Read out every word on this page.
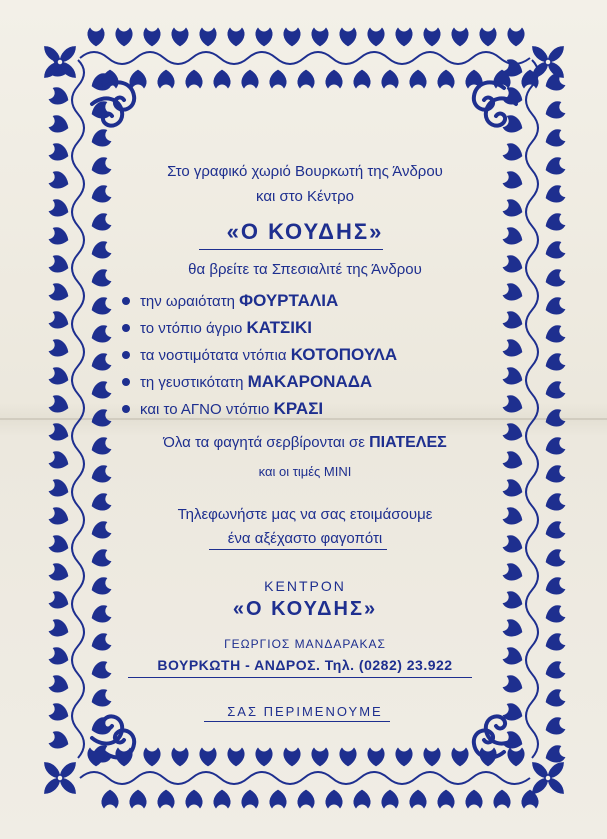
Στο γραφικό χωριό Βουρκωτή της Άνδρου
και στο Κέντρο
«Ο ΚΟΥΔΗΣ»
θα βρείτε τα Σπεσιαλιτέ της Άνδρου
την ωραιότατη ΦΟΥΡΤΑΛΙΑ
το ντόπιο άγριο ΚΑΤΣΙΚΙ
τα νοστιμότατα ντόπια ΚΟΤΟΠΟΥΛΑ
τη γευστικότατη ΜΑΚΑΡΟΝΑΔΑ
και το ΑΓΝΟ ντόπιο ΚΡΑΣΙ
Όλα τα φαγητά σερβίρονται σε ΠΙΑΤΕΛΕΣ
και οι τιμές ΜΙΝΙ
Τηλεφωνήστε μας να σας ετοιμάσουμε
ένα αξέχαστο φαγοπότι
ΚΕΝΤΡΟΝ
«Ο ΚΟΥΔΗΣ»
ΓΕΩΡΓΙΟΣ ΜΑΝΔΑΡΑΚΑΣ
ΒΟΥΡΚΩΤΗ - ΑΝΔΡΟΣ. Τηλ. (0282) 23.922
ΣΑΣ ΠΕΡΙΜΕΝΟΥΜΕ
